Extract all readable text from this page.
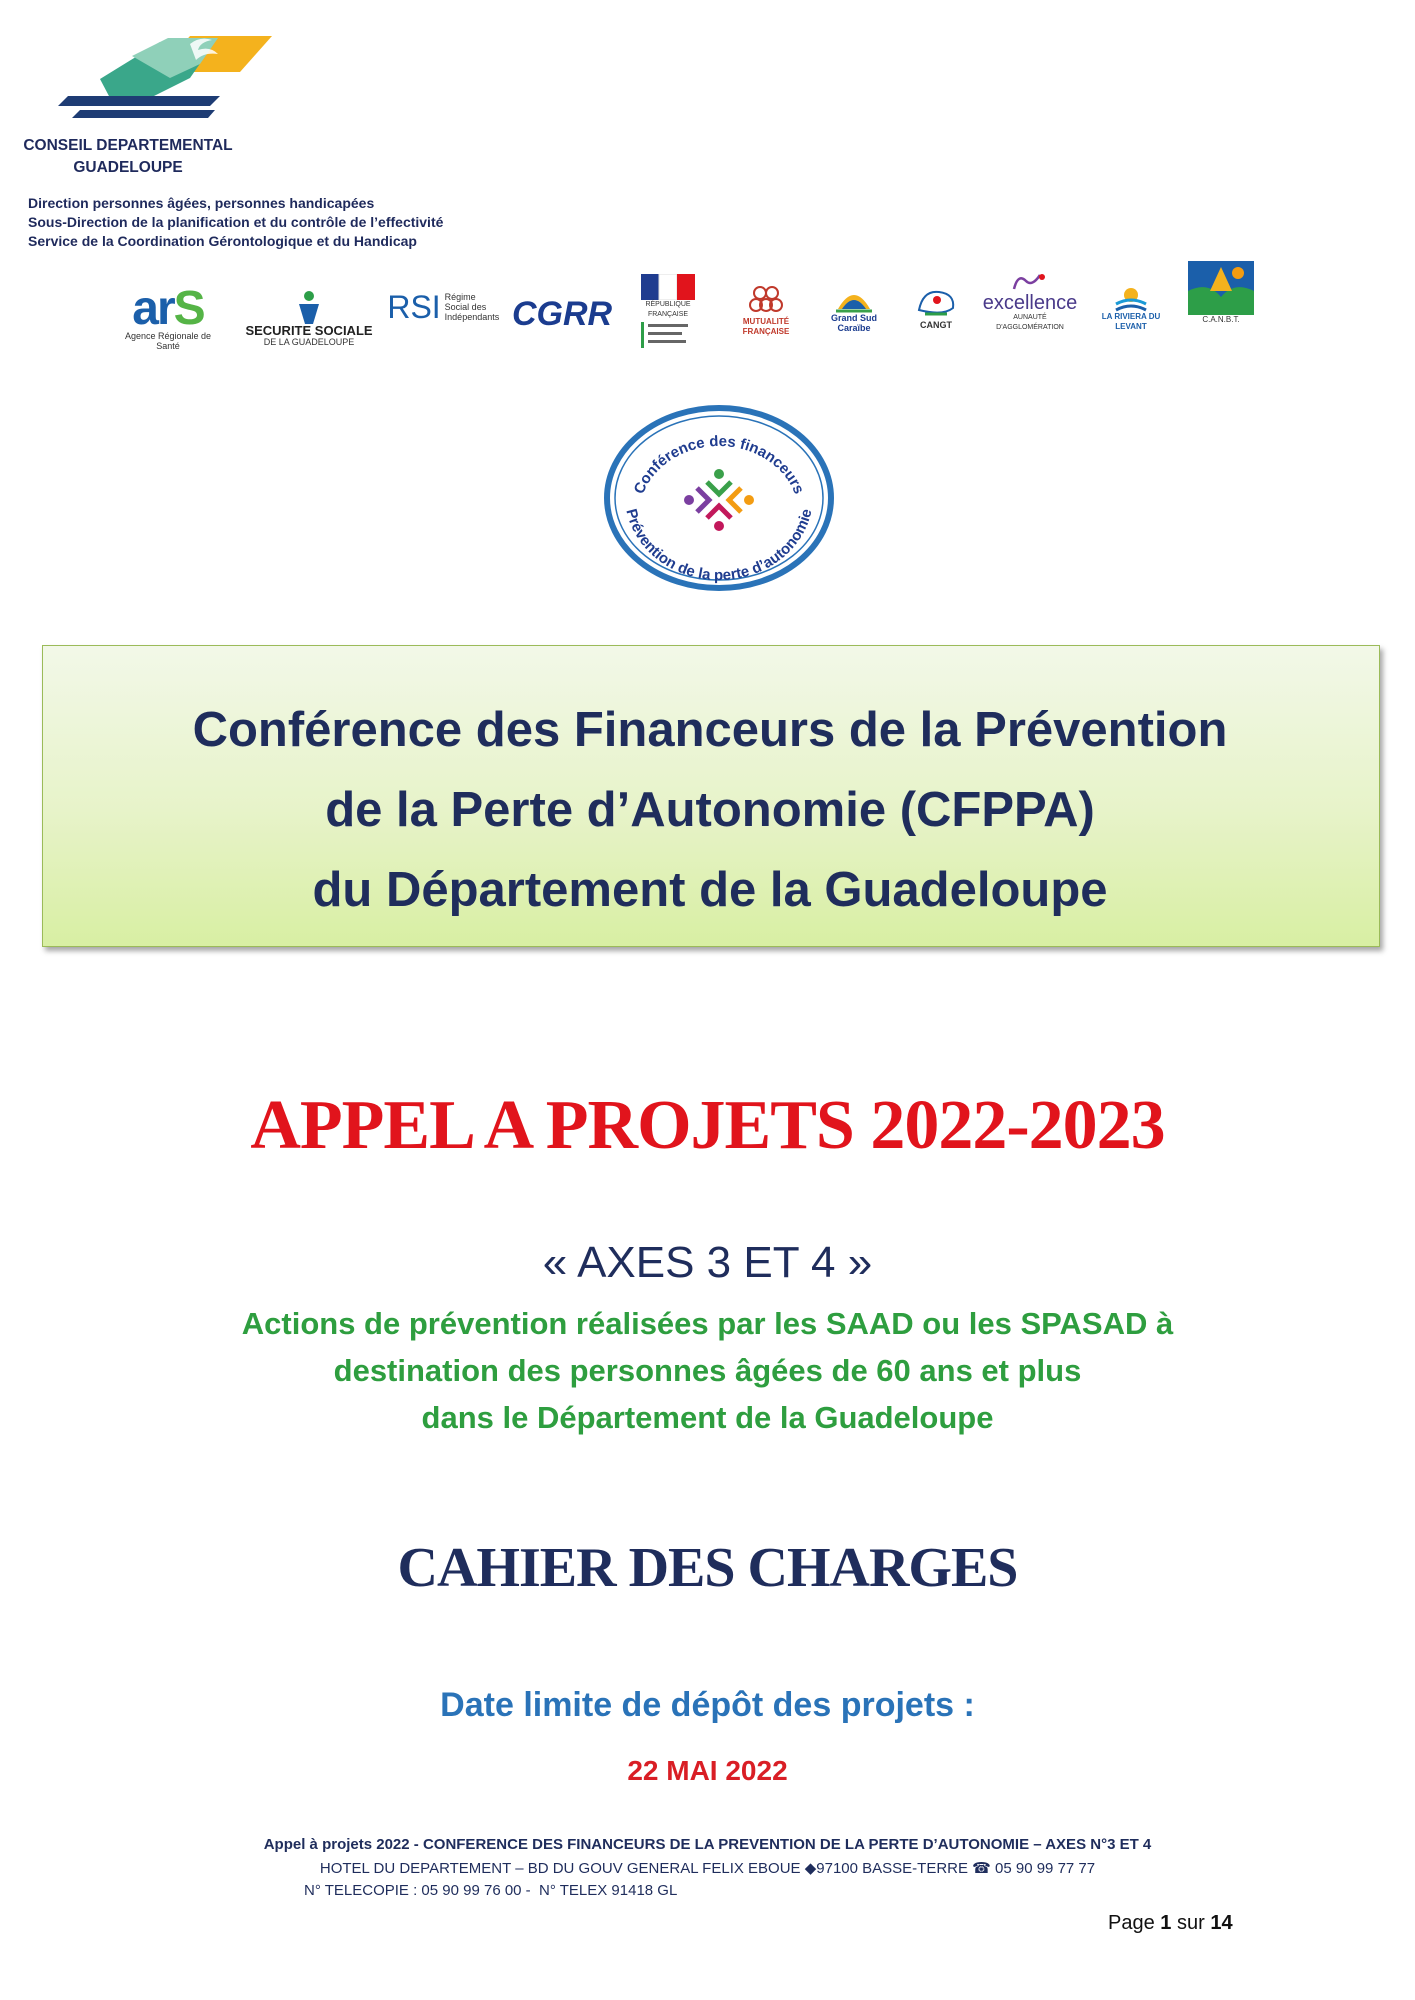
CONSEIL DEPARTEMENTAL
GUADELOUPE
Direction personnes âgées, personnes handicapées
Sous-Direction de la planification et du contrôle de l’effectivité
Service de la Coordination Gérontologique et du Handicap
arS
Agence Régionale de Santé
SECURITE SOCIALE
DE LA GUADELOUPE
RSI Régime Social des Indépendants CGRR	RÉPUBLIQUE FRANÇAISE
MUTUALITÉ FRANÇAISE
Grand Sud Caraïbe	CANGT
excellence
AUNAUTÉ D'AGGLOMÉRATION
LA RIVIERA DU LEVANT
C.A.N.B.T.
Conférence des financeurs
Prévention de la perte d’autonomie
Conférence des Financeurs de la Prévention
de la Perte d’Autonomie (CFPPA)
du Département de la Guadeloupe
APPEL A PROJETS 2022-2023
« AXES 3 ET 4 »
Actions de prévention réalisées par les SAAD ou les SPASAD à
destination des personnes âgées de 60 ans et plus
dans le Département de la Guadeloupe
CAHIER DES CHARGES
Date limite de dépôt des projets :
22 MAI 2022
Appel à projets 2022 - CONFERENCE DES FINANCEURS DE LA PREVENTION DE LA PERTE D’AUTONOMIE – AXES N°3 ET 4
HOTEL DU DEPARTEMENT – BD DU GOUV GENERAL FELIX EBOUE ◆97100 BASSE-TERRE ☎ 05 90 99 77 77
N° TELECOPIE : 05 90 99 76 00 -  N° TELEX 91418 GL
Page 1 sur 14
